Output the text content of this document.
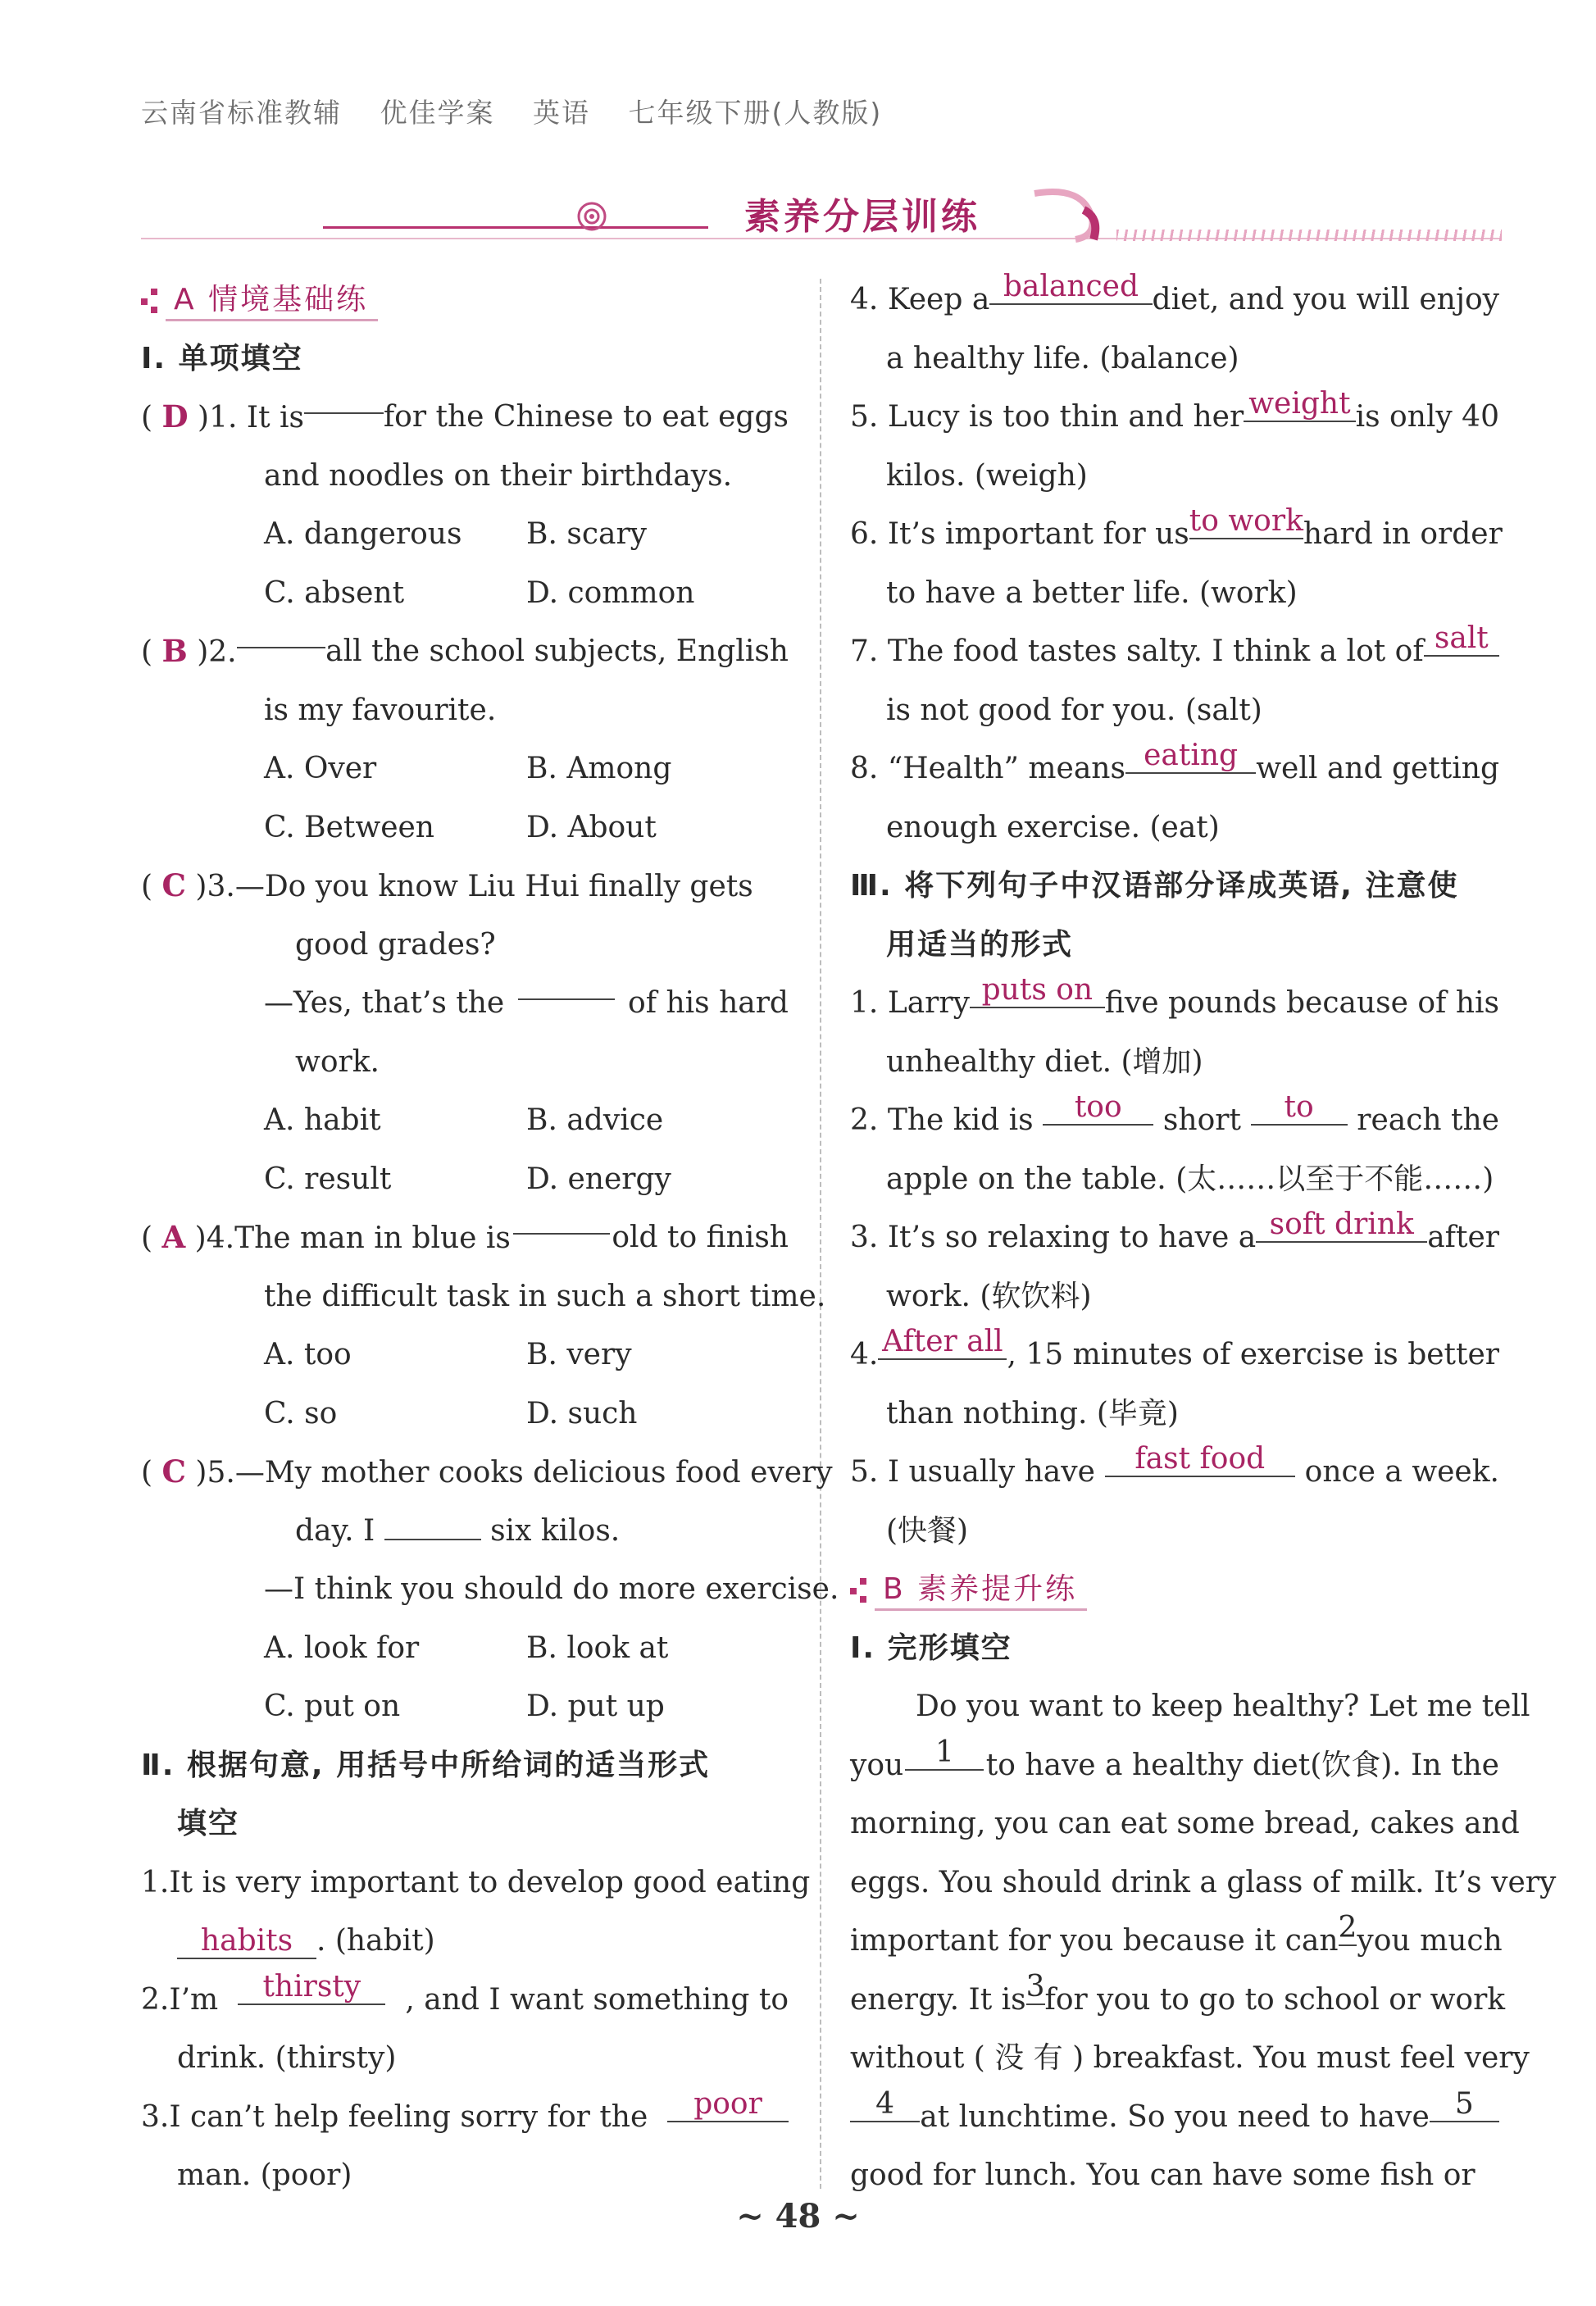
云南省标准教辅 优佳学案 英语 七年级下册(人教版)
素养分层训练
A 情境基础练
Ⅰ. 单项填空
( D )1. It is	for the Chinese to eat eggs
and noodles on their birthdays.
A. dangerous	B. scary
C. absent	D. common
( B )2.	all the school subjects, English
is my favourite.
A. Over	B. Among
C. Between	D. About
( C )3.—Do you know Liu Hui finally gets
good grades?
—Yes, that’s the	of his hard
work.
A. habit	B. advice
C. result	D. energy
( A )4.The man in blue is	old to finish
the difficult task in such a short time.
A. too	B. very
C. so	D. such
( C )5.—My mother cooks delicious food every
day. I	six kilos.
—I think you should do more exercise.
A. look for	B. look at
C. put on	D. put up
Ⅱ. 根据句意, 用括号中所给词的适当形式
填空
1.It is very important to develop good eating
habits . (habit)
2.I’m	thirsty	, and I want something to
drink. (thirsty)
3.I can’t help feeling sorry for the	poor
man. (poor)
4. Keep a balanced diet, and you will enjoy
a healthy life. (balance)
5. Lucy is too thin and her weight is only 40
kilos. (weigh)
6. It’s important for us to work hard in order
to have a better life. (work)
7. The food tastes salty. I think a lot of salt
is not good for you. (salt)
8. “Health” means eating well and getting
enough exercise. (eat)
Ⅲ. 将下列句子中汉语部分译成英语, 注意使
用适当的形式
1. Larry puts on five pounds because of his
unhealthy diet. (增加)
2. The kid is	too	short	to	reach the
apple on the table. (太……以至于不能……)
3. It’s so relaxing to have a soft drink after
work. (软饮料)
4. After all , 15 minutes of exercise is better
than nothing. (毕竟)
5. I usually have	fast food	once a week.
(快餐)
B 素养提升练
Ⅰ. 完形填空
Do you want to keep healthy? Let me tell
you	1	to have a healthy diet(饮食). In the
morning, you can eat some bread, cakes and
eggs. You should drink a glass of milk. It’s very
important for you because it can 2 you much
energy. It is 3 for you to go to school or work
without ( 没 有 ) breakfast. You must feel very
4 at lunchtime. So you need to have 5
good for lunch. You can have some fish or
~ 48 ~
